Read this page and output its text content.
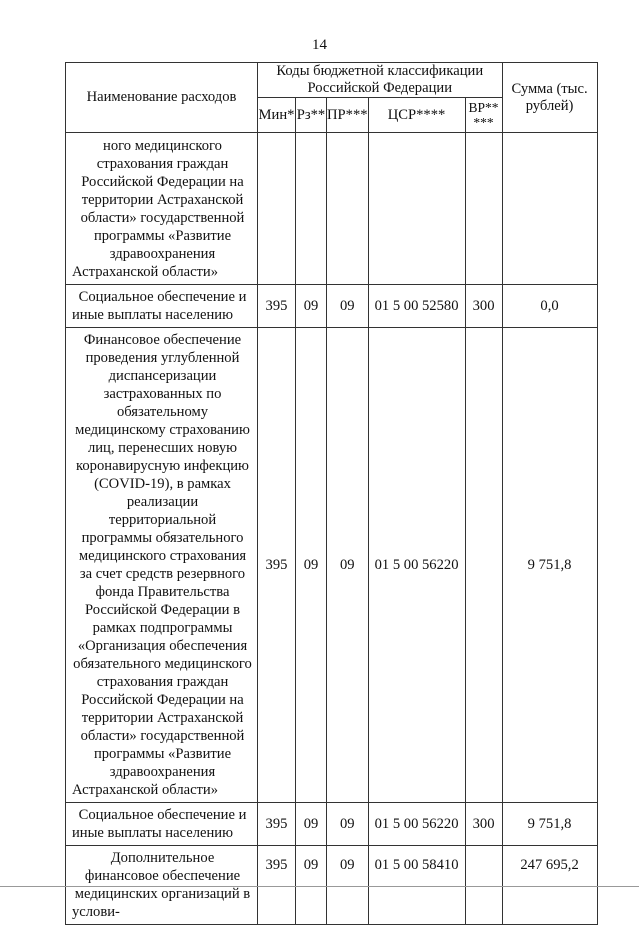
14
Наименование расходов	Коды бюджетной классификации Российской Федерации					Сумма (тыс. рублей)
	Мин*	Рз**	ПР***	ЦСР****	ВР** ***	
ного медицинского страхования граждан Российской Федерации на территории Астраханской области» государственной программы «Развитие здравоохранения Астраханской области»						
Социальное обеспечение и иные выплаты населению	395	09	09	01 5 00 52580	300	0,0
Финансовое обеспечение проведения углубленной диспансеризации застрахованных по обязательному медицинскому страхованию лиц, перенесших новую коронавирусную инфекцию (COVID-19), в рамках реализации территориальной программы обязательного медицинского страхования за счет средств резервного фонда Правительства Российской Федерации в рамках подпрограммы «Организация обеспечения обязательного медицинского страхования граждан Российской Федерации на территории Астраханской области» государственной программы «Развитие здравоохранения Астраханской области»	395	09	09	01 5 00 56220		9 751,8
Социальное обеспечение и иные выплаты населению	395	09	09	01 5 00 56220	300	9 751,8
Дополнительное финансовое обеспечение медицинских организаций в услови-	395	09	09	01 5 00 58410		247 695,2
